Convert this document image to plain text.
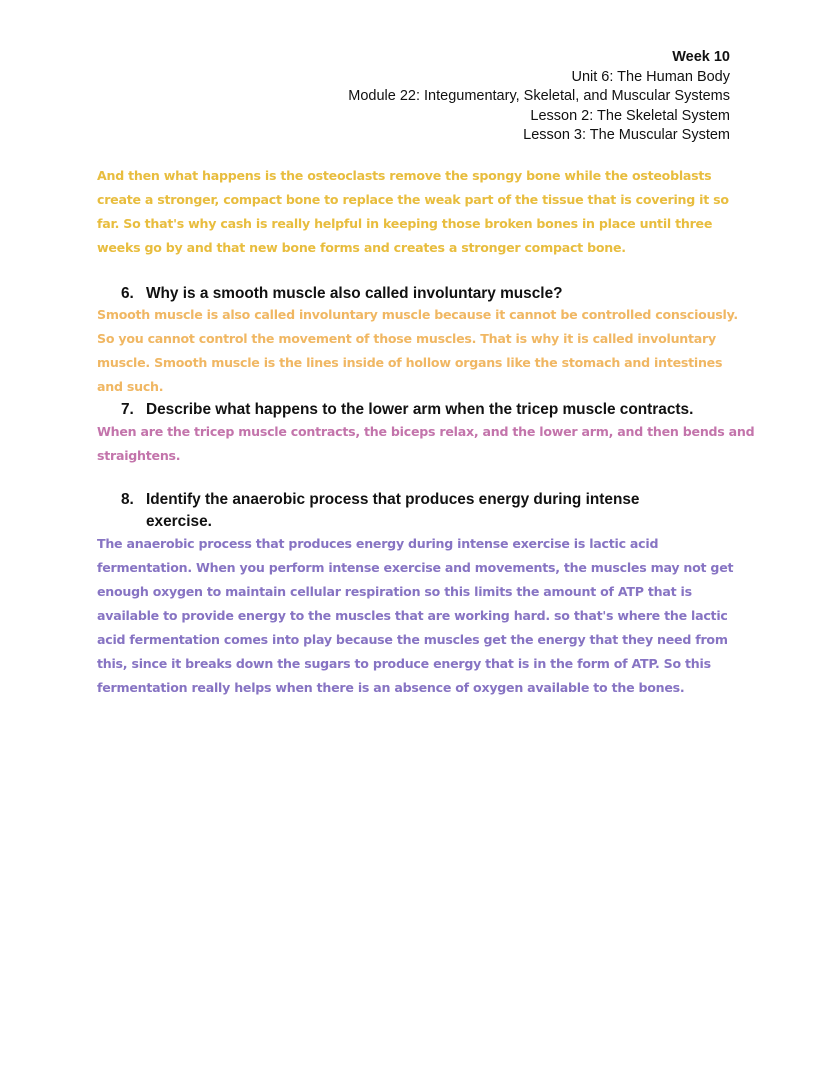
Week 10
Unit 6: The Human Body
Module 22: Integumentary, Skeletal, and Muscular Systems
Lesson 2: The Skeletal System
Lesson 3: The Muscular System
And then what happens is the osteoclasts remove the spongy bone while the osteoblasts
create a stronger, compact bone to replace the weak part of the tissue that is covering it so
far. So that's why cash is really helpful in keeping those broken bones in place until three
weeks go by and that new bone forms and creates a stronger compact bone.
6. Why is a smooth muscle also called involuntary muscle?
Smooth muscle is also called involuntary muscle because it cannot be controlled consciously.
So you cannot control the movement of those muscles. That is why it is called involuntary
muscle. Smooth muscle is the lines inside of hollow organs like the stomach and intestines
and such.
7. Describe what happens to the lower arm when the tricep muscle contracts.
When are the tricep muscle contracts, the biceps relax, and the lower arm, and then bends and
straightens.
8. Identify the anaerobic process that produces energy during intense
exercise.
The anaerobic process that produces energy during intense exercise is lactic acid
fermentation. When you perform intense exercise and movements, the muscles may not get
enough oxygen to maintain cellular respiration so this limits the amount of ATP that is
available to provide energy to the muscles that are working hard. so that's where the lactic
acid fermentation comes into play because the muscles get the energy that they need from
this, since it breaks down the sugars to produce energy that is in the form of ATP. So this
fermentation really helps when there is an absence of oxygen available to the bones.
